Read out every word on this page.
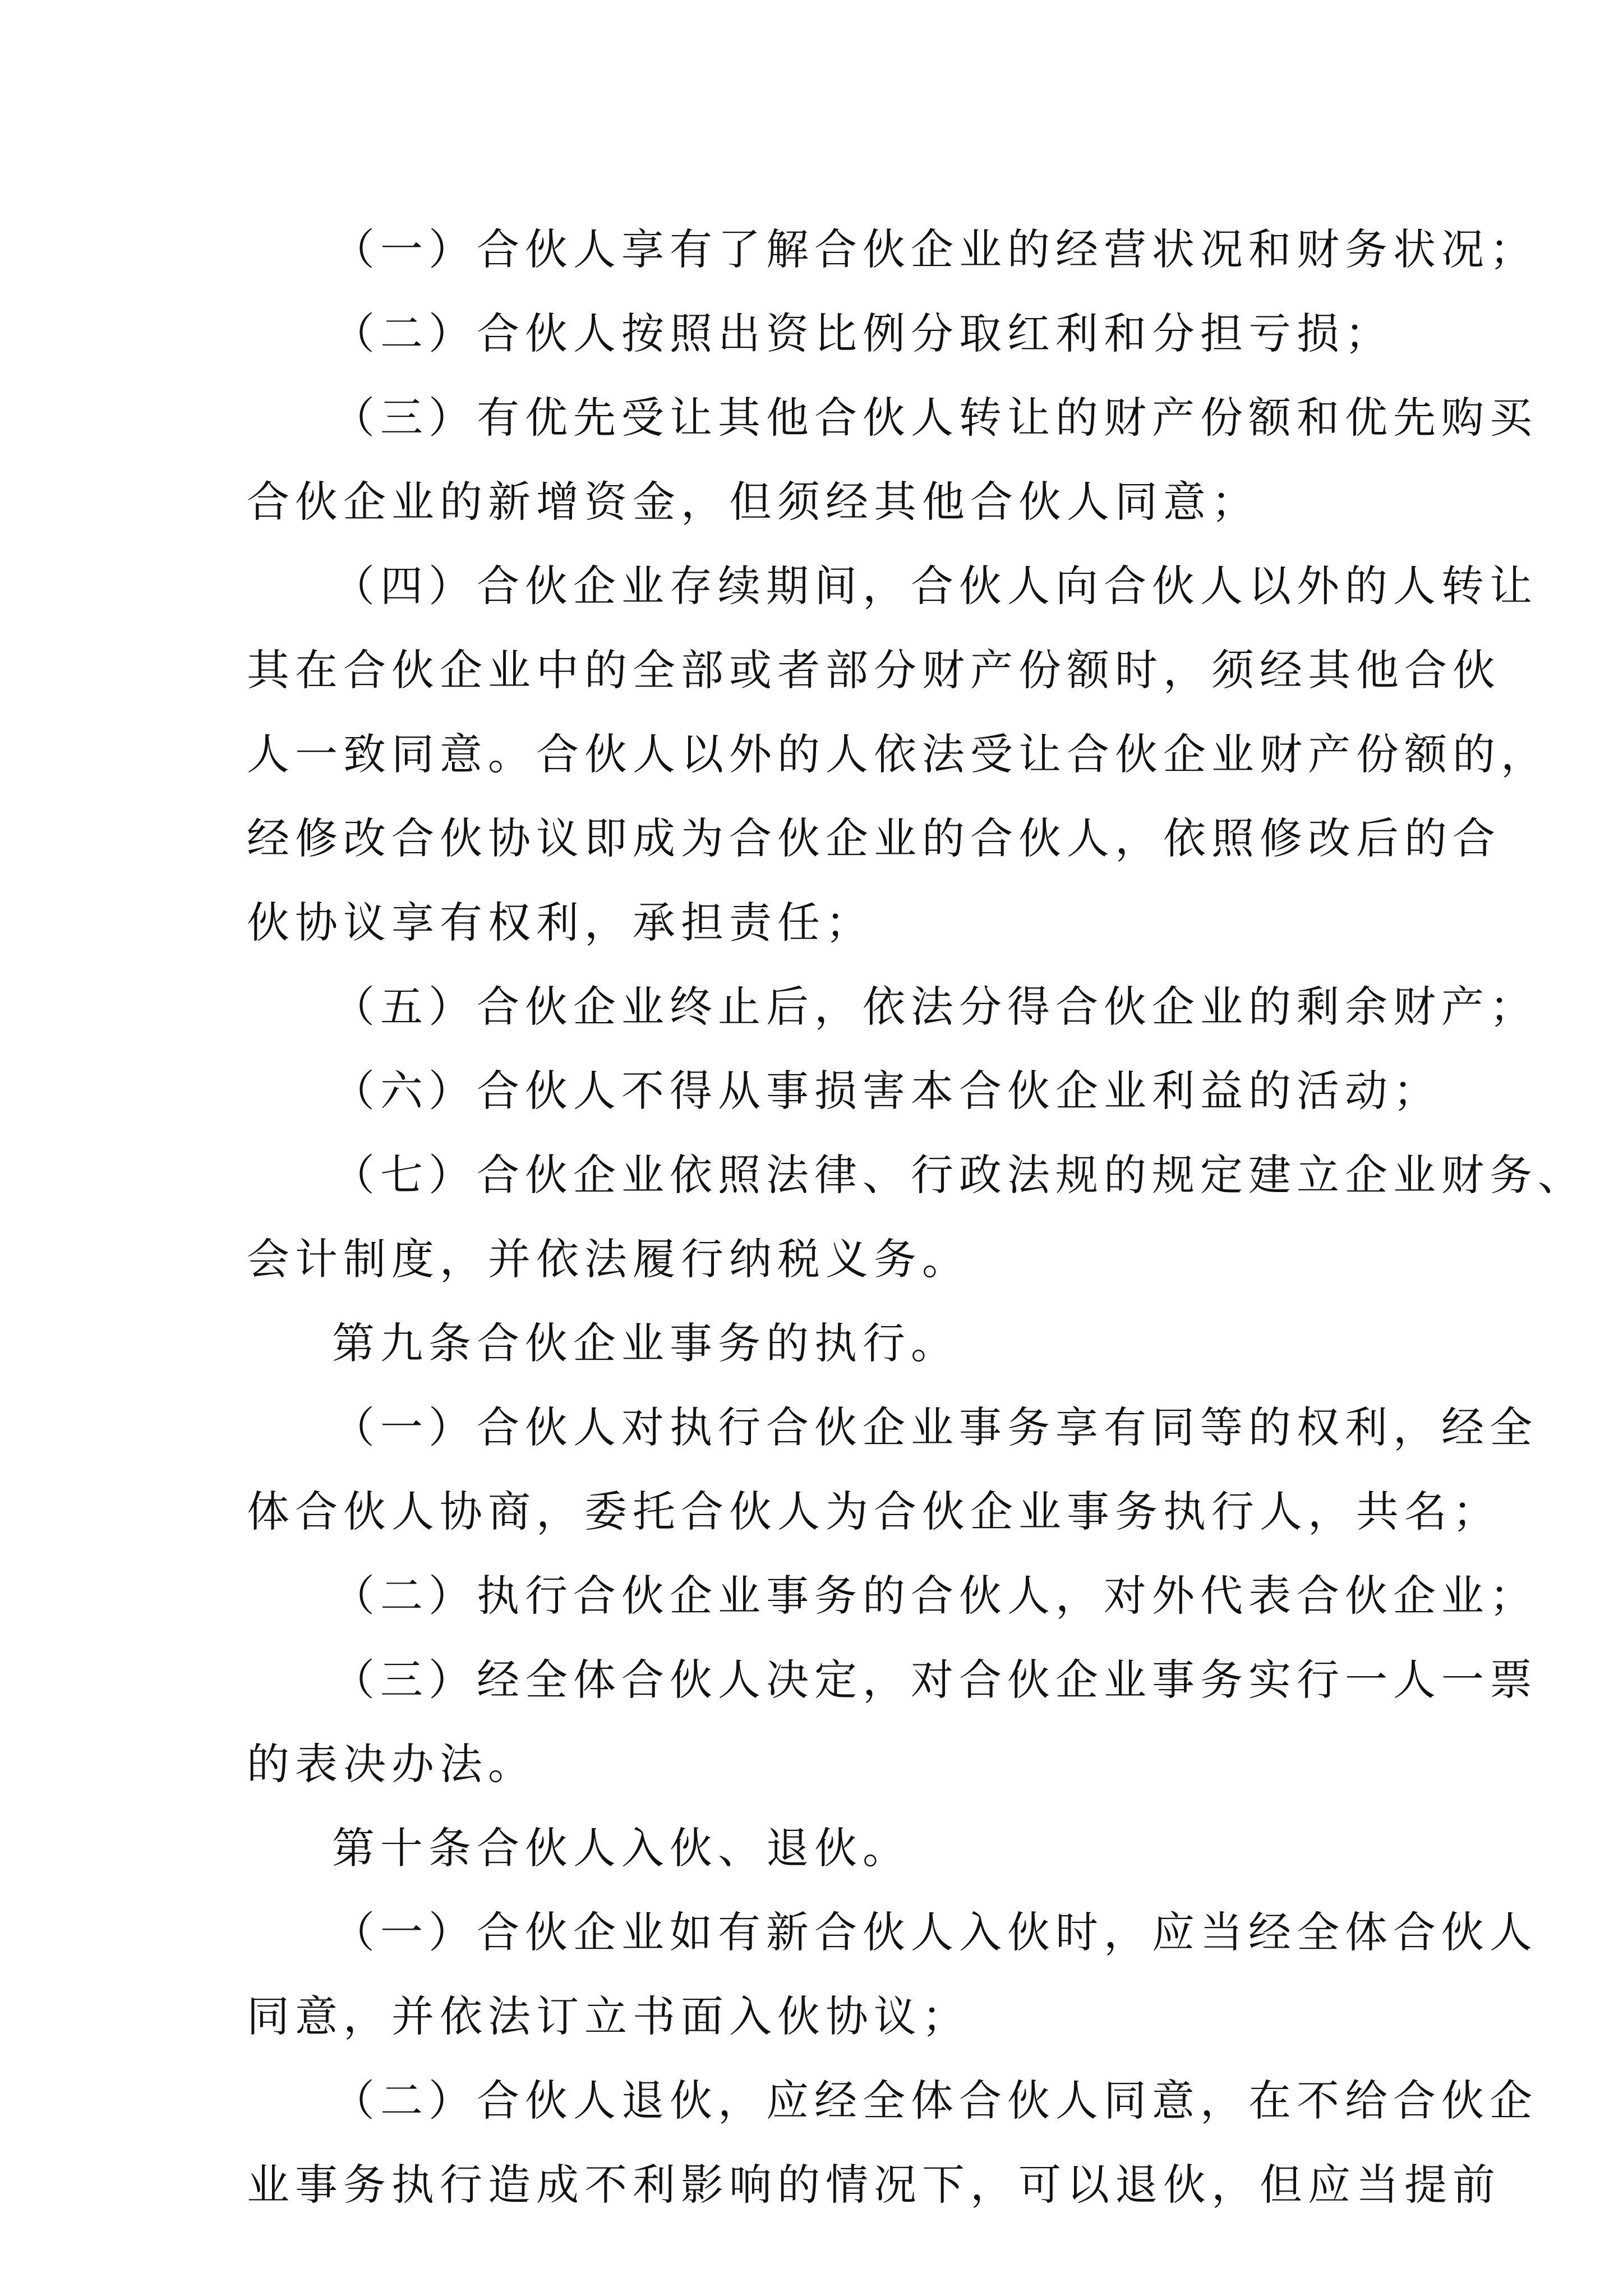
（一）合伙人享有了解合伙企业的经营状况和财务状况；
（二）合伙人按照出资比例分取红利和分担亏损；
（三）有优先受让其他合伙人转让的财产份额和优先购买
合伙企业的新增资金，但须经其他合伙人同意；
（四）合伙企业存续期间，合伙人向合伙人以外的人转让
其在合伙企业中的全部或者部分财产份额时，须经其他合伙
人一致同意。合伙人以外的人依法受让合伙企业财产份额的，
经修改合伙协议即成为合伙企业的合伙人，依照修改后的合
伙协议享有权利，承担责任；
（五）合伙企业终止后，依法分得合伙企业的剩余财产；
（六）合伙人不得从事损害本合伙企业利益的活动；
（七）合伙企业依照法律、行政法规的规定建立企业财务、
会计制度，并依法履行纳税义务。
第九条合伙企业事务的执行。
（一）合伙人对执行合伙企业事务享有同等的权利，经全
体合伙人协商，委托合伙人为合伙企业事务执行人，共名；
（二）执行合伙企业事务的合伙人，对外代表合伙企业；
（三）经全体合伙人决定，对合伙企业事务实行一人一票
的表决办法。
第十条合伙人入伙、退伙。
（一）合伙企业如有新合伙人入伙时，应当经全体合伙人
同意，并依法订立书面入伙协议；
（二）合伙人退伙，应经全体合伙人同意，在不给合伙企
业事务执行造成不利影响的情况下，可以退伙，但应当提前
